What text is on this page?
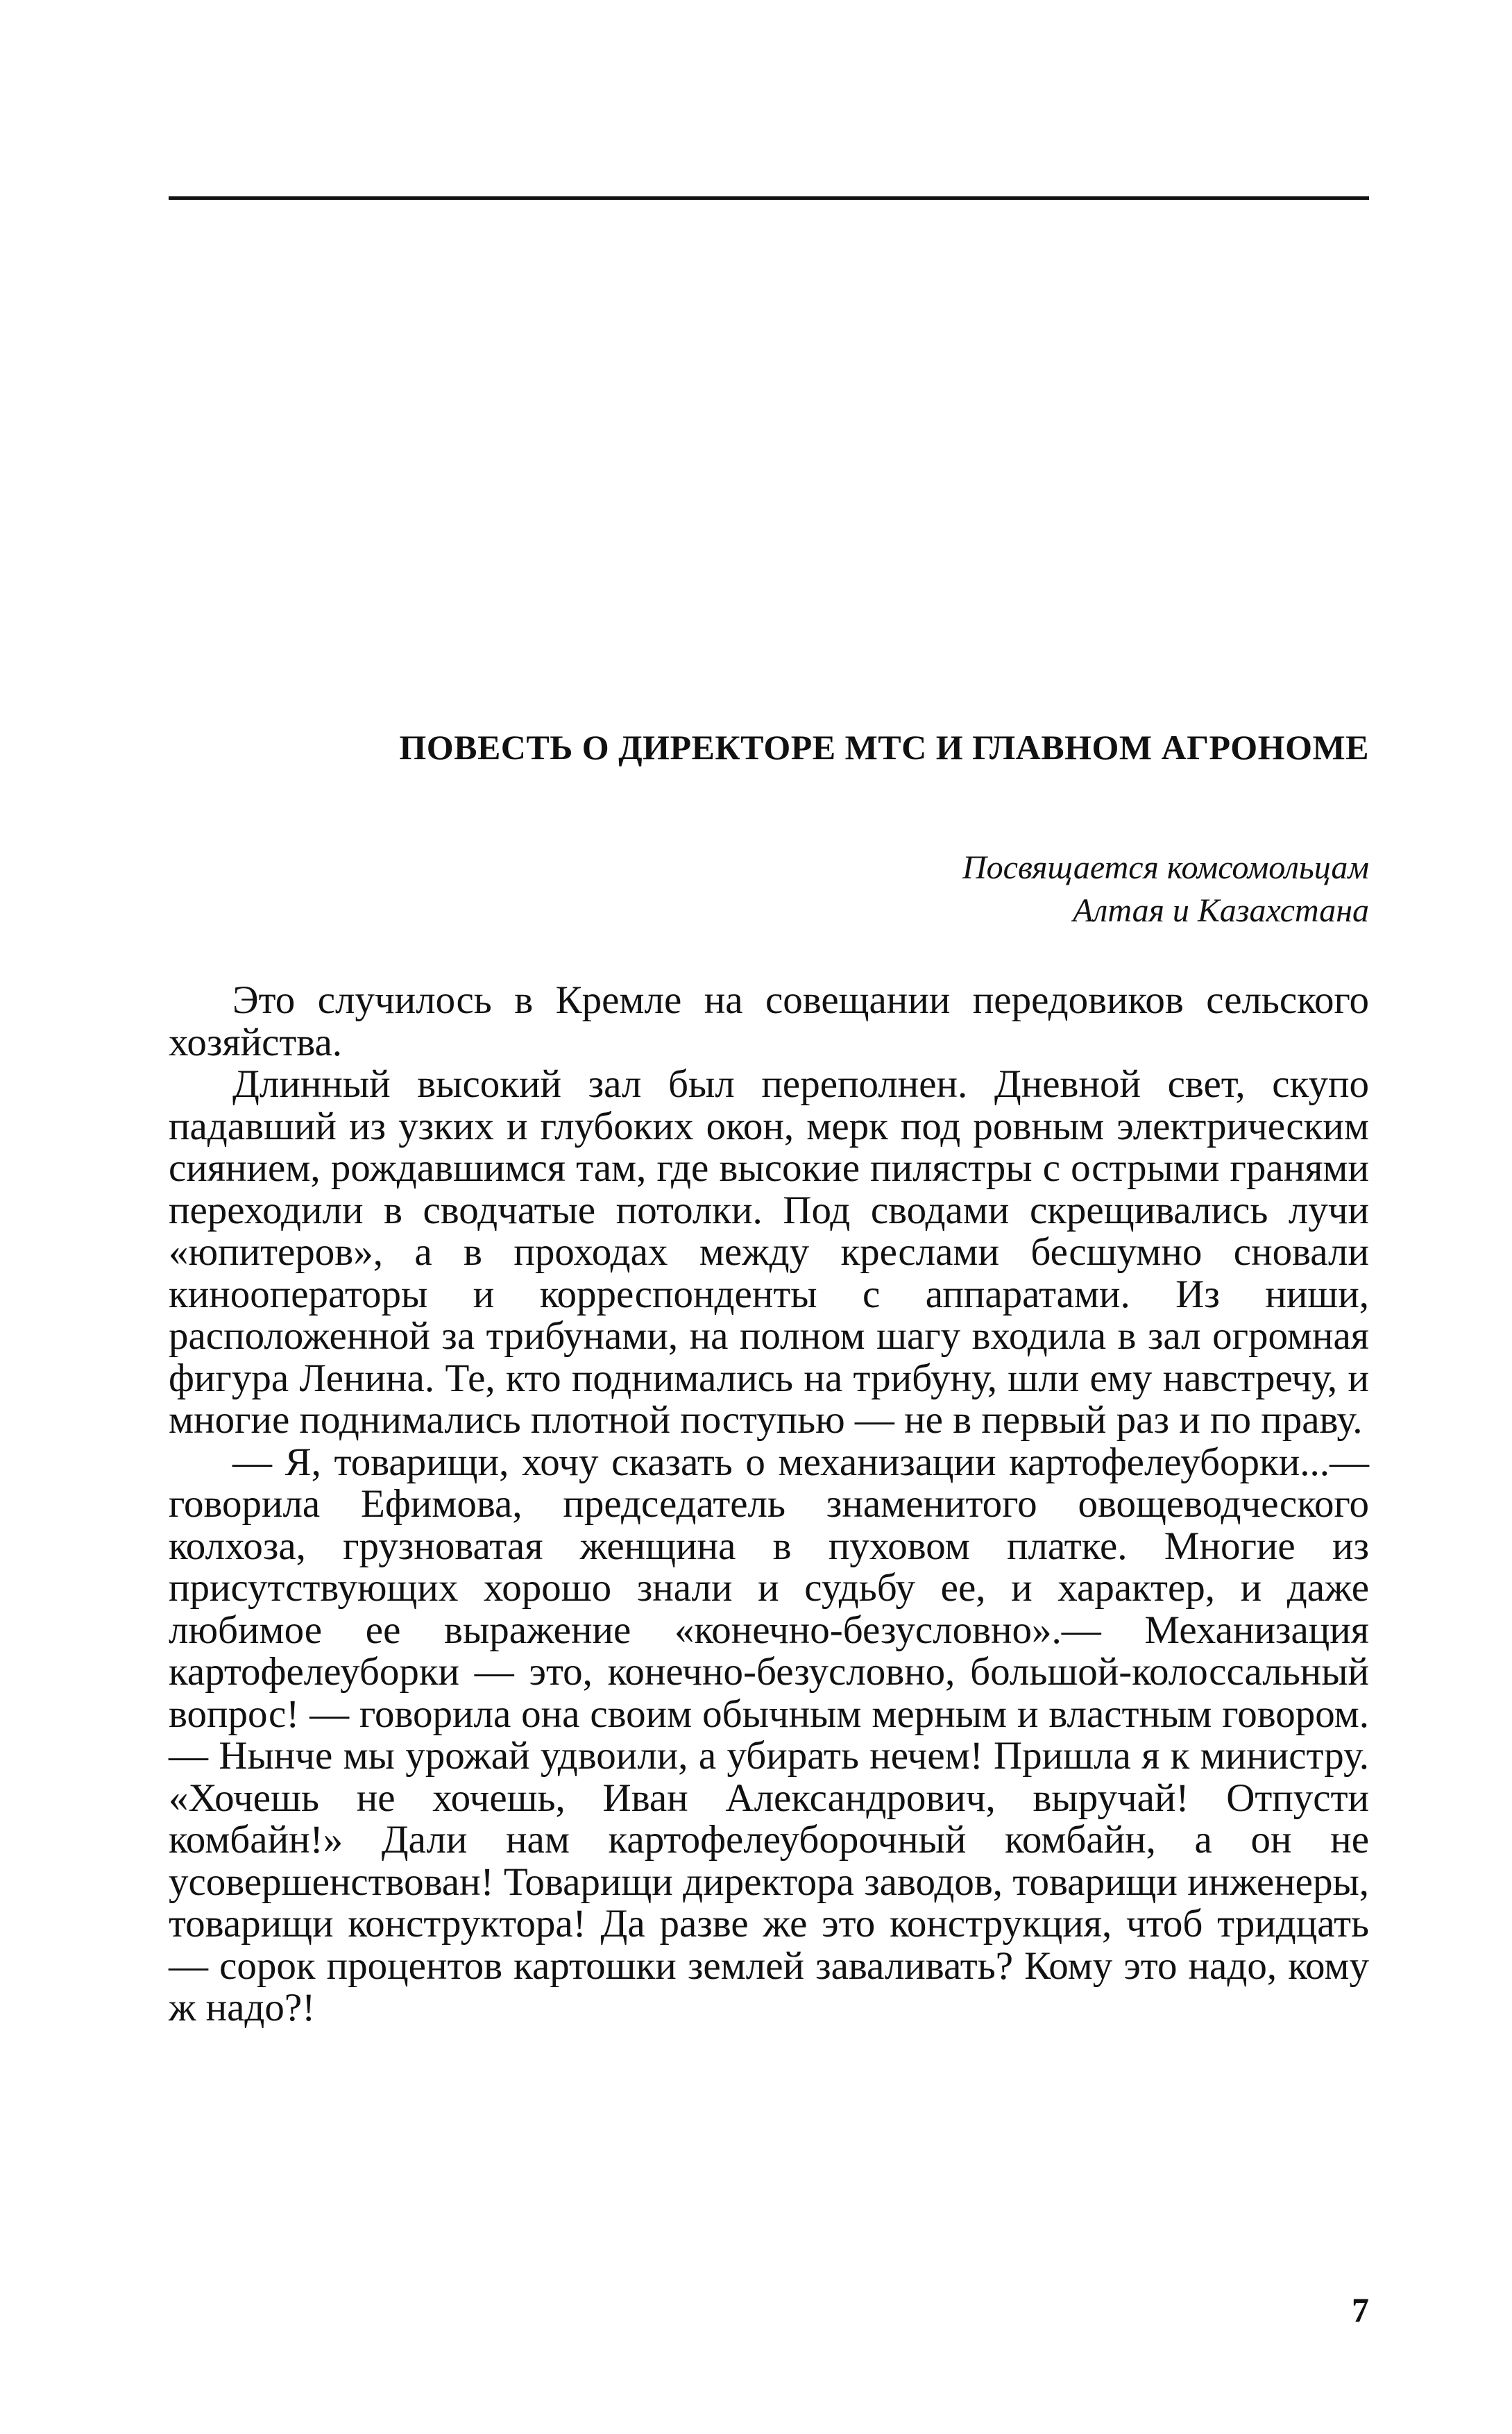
ПОВЕСТЬ О ДИРЕКТОРЕ МТС И ГЛАВНОМ АГРОНОМЕ
Посвящается комсомольцам
Алтая и Казахстана

Это случилось в Кремле на совещании передовиков сельского хозяйства.

Длинный высокий зал был переполнен. Дневной свет, скупо падавший из узких и глубоких окон, мерк под ровным электрическим сиянием, рождавшимся там, где высокие пилястры с острыми гранями переходили в сводчатые потолки. Под сводами скрещивались лучи «юпитеров», а в проходах между креслами бесшумно сновали кинооператоры и корреспонденты с аппаратами. Из ниши, расположенной за трибунами, на полном шагу входила в зал огромная фигура Ленина. Те, кто поднимались на трибуну, шли ему навстречу, и многие поднимались плотной поступью — не в первый раз и по праву.

— Я, товарищи, хочу сказать о механизации картофелеуборки...— говорила Ефимова, председатель знаменитого овощеводческого колхоза, грузноватая женщина в пуховом платке. Многие из присутствующих хорошо знали и судьбу ее, и характер, и даже любимое ее выражение «конечно-безусловно».— Механизация картофелеуборки — это, конечно-безусловно, большой-колоссальный вопрос! — говорила она своим обычным мерным и властным говором.— Нынче мы урожай удвоили, а убирать нечем! Пришла я к министру. «Хочешь не хочешь, Иван Александрович, выручай! Отпусти комбайн!» Дали нам картофелеуборочный комбайн, а он не усовершенствован! Товарищи директора заводов, товарищи инженеры, товарищи конструктора! Да разве же это конструкция, чтоб тридцать — сорок процентов картошки землей заваливать? Кому это надо, кому ж надо?!

7
